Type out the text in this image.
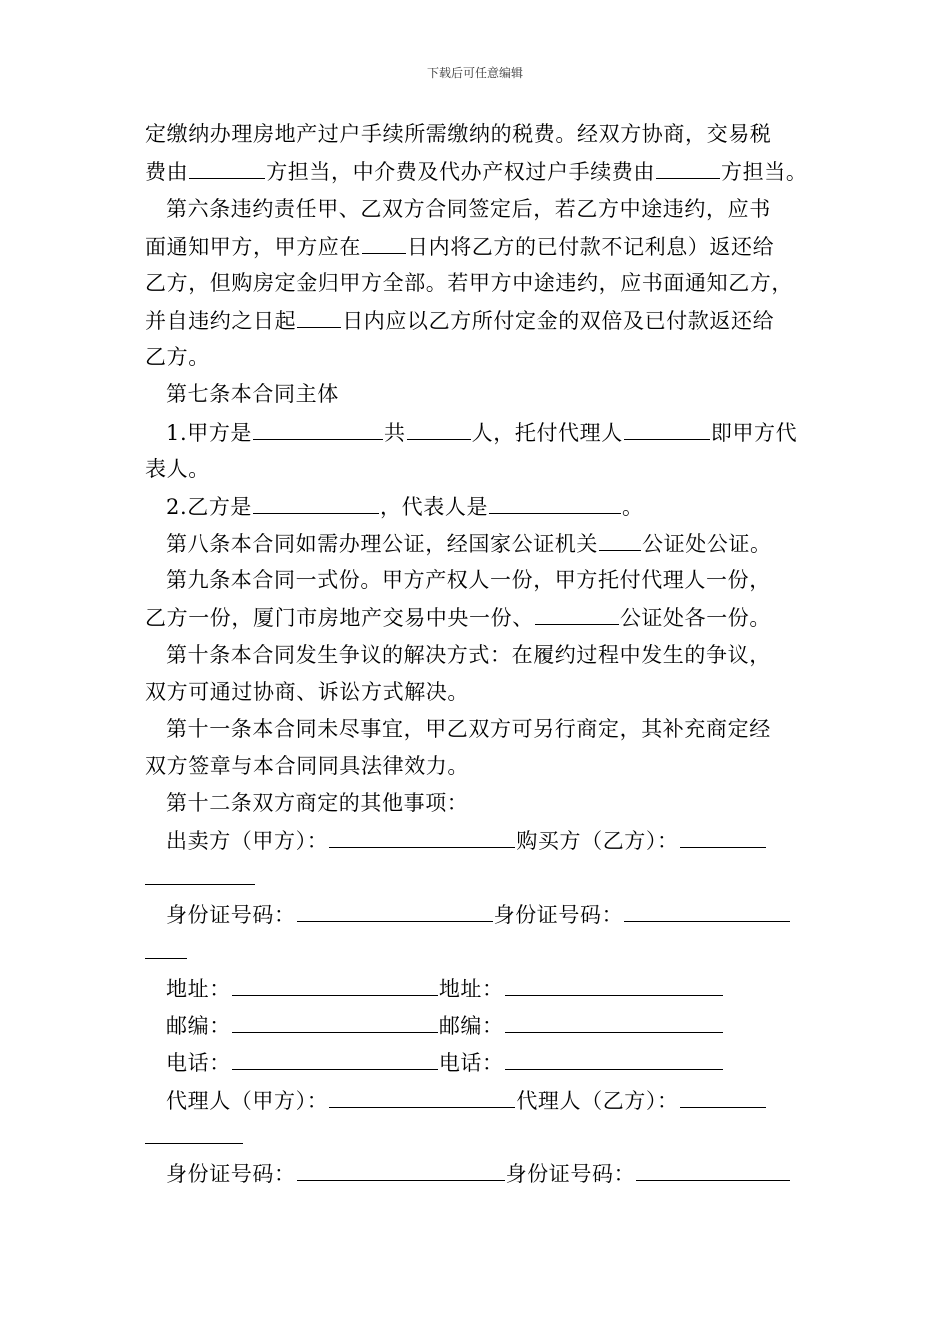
下载后可任意编辑
定缴纳办理房地产过户手续所需缴纳的税费。经双方协商，交易税
费由	方担当，中介费及代办产权过户手续费由	方担当。
第六条违约责任甲、乙双方合同签定后，若乙方中途违约，应书
面通知甲方，甲方应在 日内将乙方的已付款不记利息）返还给
乙方，但购房定金归甲方全部。若甲方中途违约，应书面通知乙方，
并自违约之日起 日内应以乙方所付定金的双倍及已付款返还给
乙方。
第七条本合同主体
1.甲方是	共	人，托付代理人	即甲方代
表人。
2.乙方是	，代表人是	。
第八条本合同如需办理公证，经国家公证机关 公证处公证。
第九条本合同一式份。甲方产权人一份，甲方托付代理人一份，
乙方一份，厦门市房地产交易中央一份、	公证处各一份。
第十条本合同发生争议的解决方式：在履约过程中发生的争议，
双方可通过协商、诉讼方式解决。
第十一条本合同未尽事宜，甲乙双方可另行商定，其补充商定经
双方签章与本合同同具法律效力。
第十二条双方商定的其他事项：
出卖方（甲方）：	购买方（乙方）：
身份证号码：	身份证号码：
地址：	地址：
邮编：	邮编：
电话：	电话：
代理人（甲方）：	代理人（乙方）：
身份证号码：	身份证号码：
